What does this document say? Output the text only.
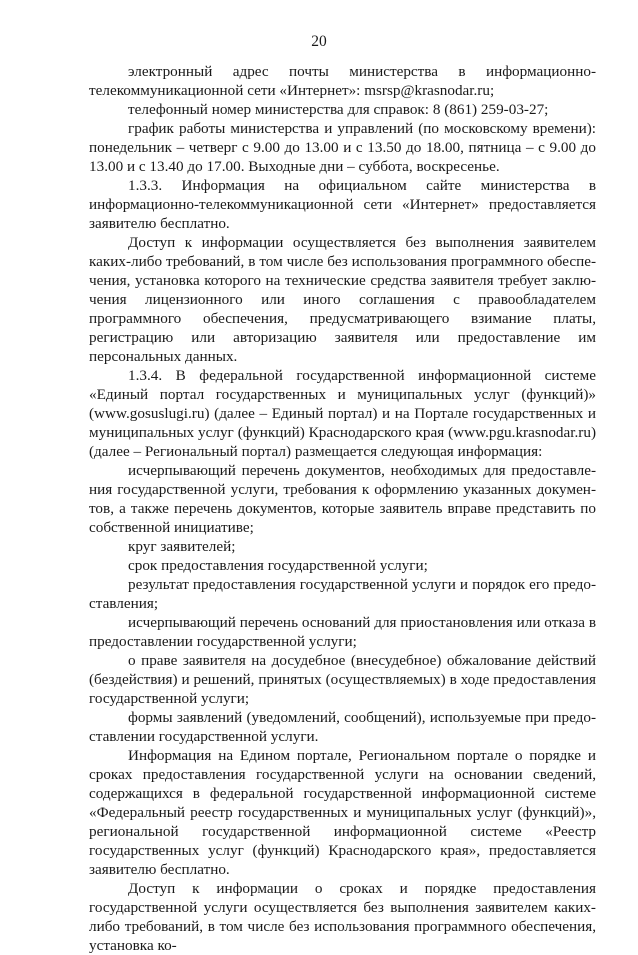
20

электронный адрес почты министерства в информационно-телекоммуникационной сети «Интернет»: msrsp@krasnodar.ru;

телефонный номер министерства для справок: 8 (861) 259-03-27;

график работы министерства и управлений (по московскому времени): понедельник – четверг с 9.00 до 13.00 и с 13.50 до 18.00, пятница – с 9.00 до 13.00 и с 13.40 до 17.00. Выходные дни – суббота, воскресенье.

1.3.3. Информация на официальном сайте министерства в информационно-телекоммуникационной сети «Интернет» предоставляется заявителю бесплатно.

Доступ к информации осуществляется без выполнения заявителем каких-либо требований, в том числе без использования программного обеспечения, установка которого на технические средства заявителя требует заключения лицензионного или иного соглашения с правообладателем программного обеспечения, предусматривающего взимание платы, регистрацию или авторизацию заявителя или предоставление им персональных данных.

1.3.4. В федеральной государственной информационной системе «Единый портал государственных и муниципальных услуг (функций)» (www.gosuslugi.ru) (далее – Единый портал) и на Портале государственных и муниципальных услуг (функций) Краснодарского края (www.pgu.krasnodar.ru) (далее – Региональный портал) размещается следующая информация:

исчерпывающий перечень документов, необходимых для предоставления государственной услуги, требования к оформлению указанных документов, а также перечень документов, которые заявитель вправе представить по собственной инициативе;

круг заявителей;

срок предоставления государственной услуги;

результат предоставления государственной услуги и порядок его предоставления;

исчерпывающий перечень оснований для приостановления или отказа в предоставлении государственной услуги;

о праве заявителя на досудебное (внесудебное) обжалование действий (бездействия) и решений, принятых (осуществляемых) в ходе предоставления государственной услуги;

формы заявлений (уведомлений, сообщений), используемые при предоставлении государственной услуги.

Информация на Едином портале, Региональном портале о порядке и сроках предоставления государственной услуги на основании сведений, содержащихся в федеральной государственной информационной системе «Федеральный реестр государственных и муниципальных услуг (функций)», региональной государственной информационной системе «Реестр государственных услуг (функций) Краснодарского края», предоставляется заявителю бесплатно.

Доступ к информации о сроках и порядке предоставления государственной услуги осуществляется без выполнения заявителем каких-либо требований, в том числе без использования программного обеспечения, установка ко-
